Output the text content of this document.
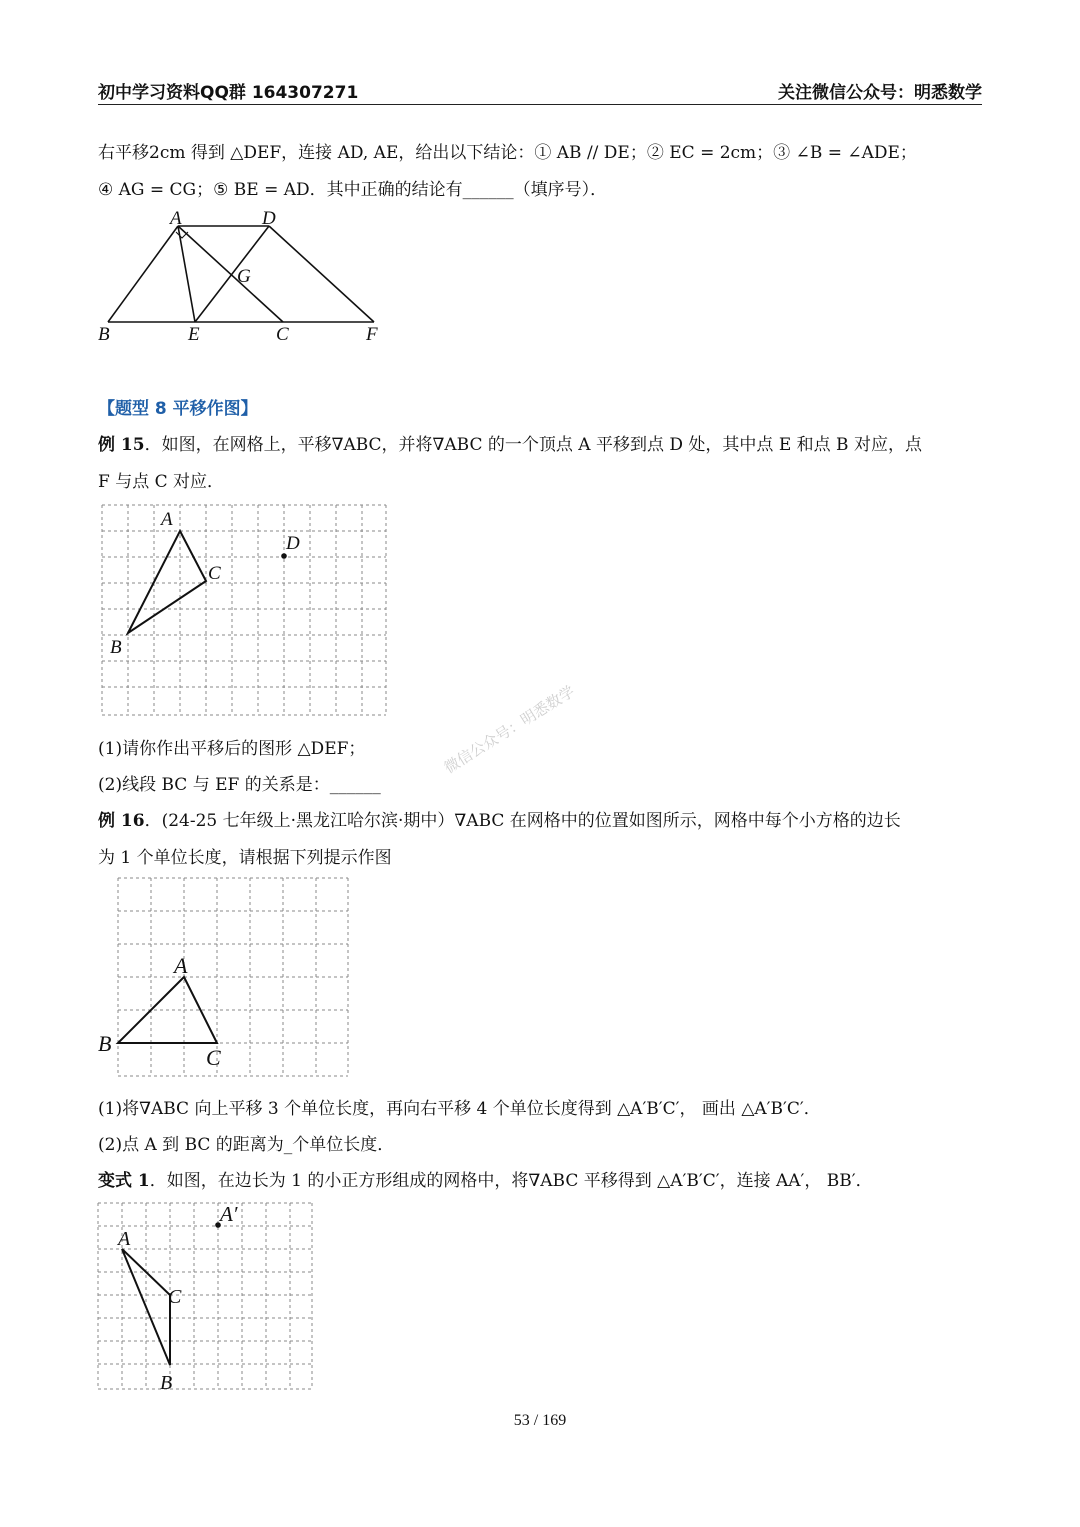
初中学习资料QQ群 164307271	关注微信公众号：明悉数学
右平移2cm 得到 △DEF，连接 AD, AE，给出以下结论：① AB // DE；② EC = 2cm；③ ∠B = ∠ADE；
④ AG = CG；⑤ BE = AD．其中正确的结论有______（填序号）．
A	D
G
B	E	C	F
【题型 8 平移作图】
例 15．如图，在网格上，平移∇ABC，并将∇ABC 的一个顶点 A 平移到点 D 处，其中点 E 和点 B 对应，点
F 与点 C 对应．
A
D
C
B
(1)请你作出平移后的图形 △DEF；
(2)线段 BC 与 EF 的关系是：______
微信公众号：明悉数学
例 16．(24-25 七年级上·黑龙江哈尔滨·期中）∇ABC 在网格中的位置如图所示，网格中每个小方格的边长
为 1 个单位长度，请根据下列提示作图
A
B
C
(1)将∇ABC 向上平移 3 个单位长度，再向右平移 4 个单位长度得到 △A′B′C′， 画出 △A′B′C′．
(2)点 A 到 BC 的距离为_个单位长度．
变式 1．如图，在边长为 1 的小正方形组成的网格中，将∇ABC 平移得到 △A′B′C′，连接 AA′， BB′．
A′
A
C
B
53 / 169
